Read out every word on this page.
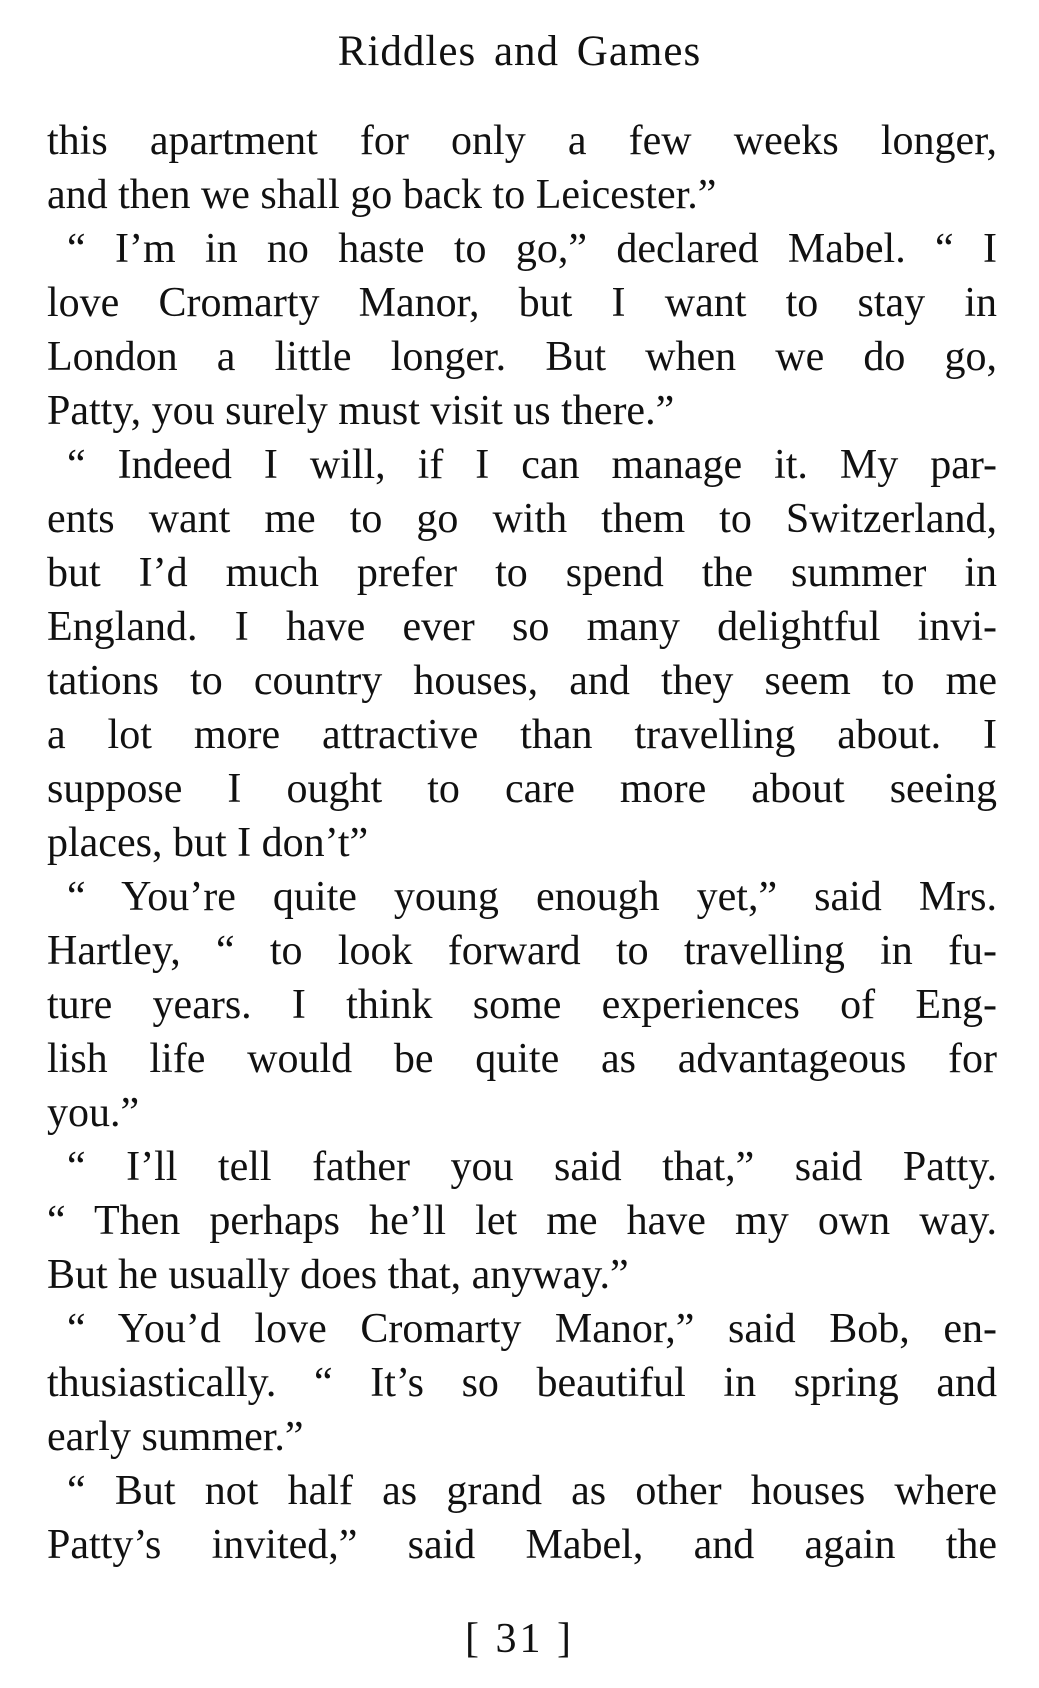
Riddles and Games
this apartment for only a few weeks longer,
and then we shall go back to Leicester.”
“ I’m in no haste to go,” declared Mabel. “ I
love Cromarty Manor, but I want to stay in
London a little longer. But when we do go,
Patty, you surely must visit us there.”
“ Indeed I will, if I can manage it. My par-
ents want me to go with them to Switzerland,
but I’d much prefer to spend the summer in
England. I have ever so many delightful invi-
tations to country houses, and they seem to me
a lot more attractive than travelling about. I
suppose I ought to care more about seeing
places, but I don’t”
“ You’re quite young enough yet,” said Mrs.
Hartley, “ to look forward to travelling in fu-
ture years. I think some experiences of Eng-
lish life would be quite as advantageous for
you.”
“ I’ll tell father you said that,” said Patty.
“ Then perhaps he’ll let me have my own way.
But he usually does that, anyway.”
“ You’d love Cromarty Manor,” said Bob, en-
thusiastically. “ It’s so beautiful in spring and
early summer.”
“ But not half as grand as other houses where
Patty’s invited,” said Mabel, and again the
[ 31 ]
